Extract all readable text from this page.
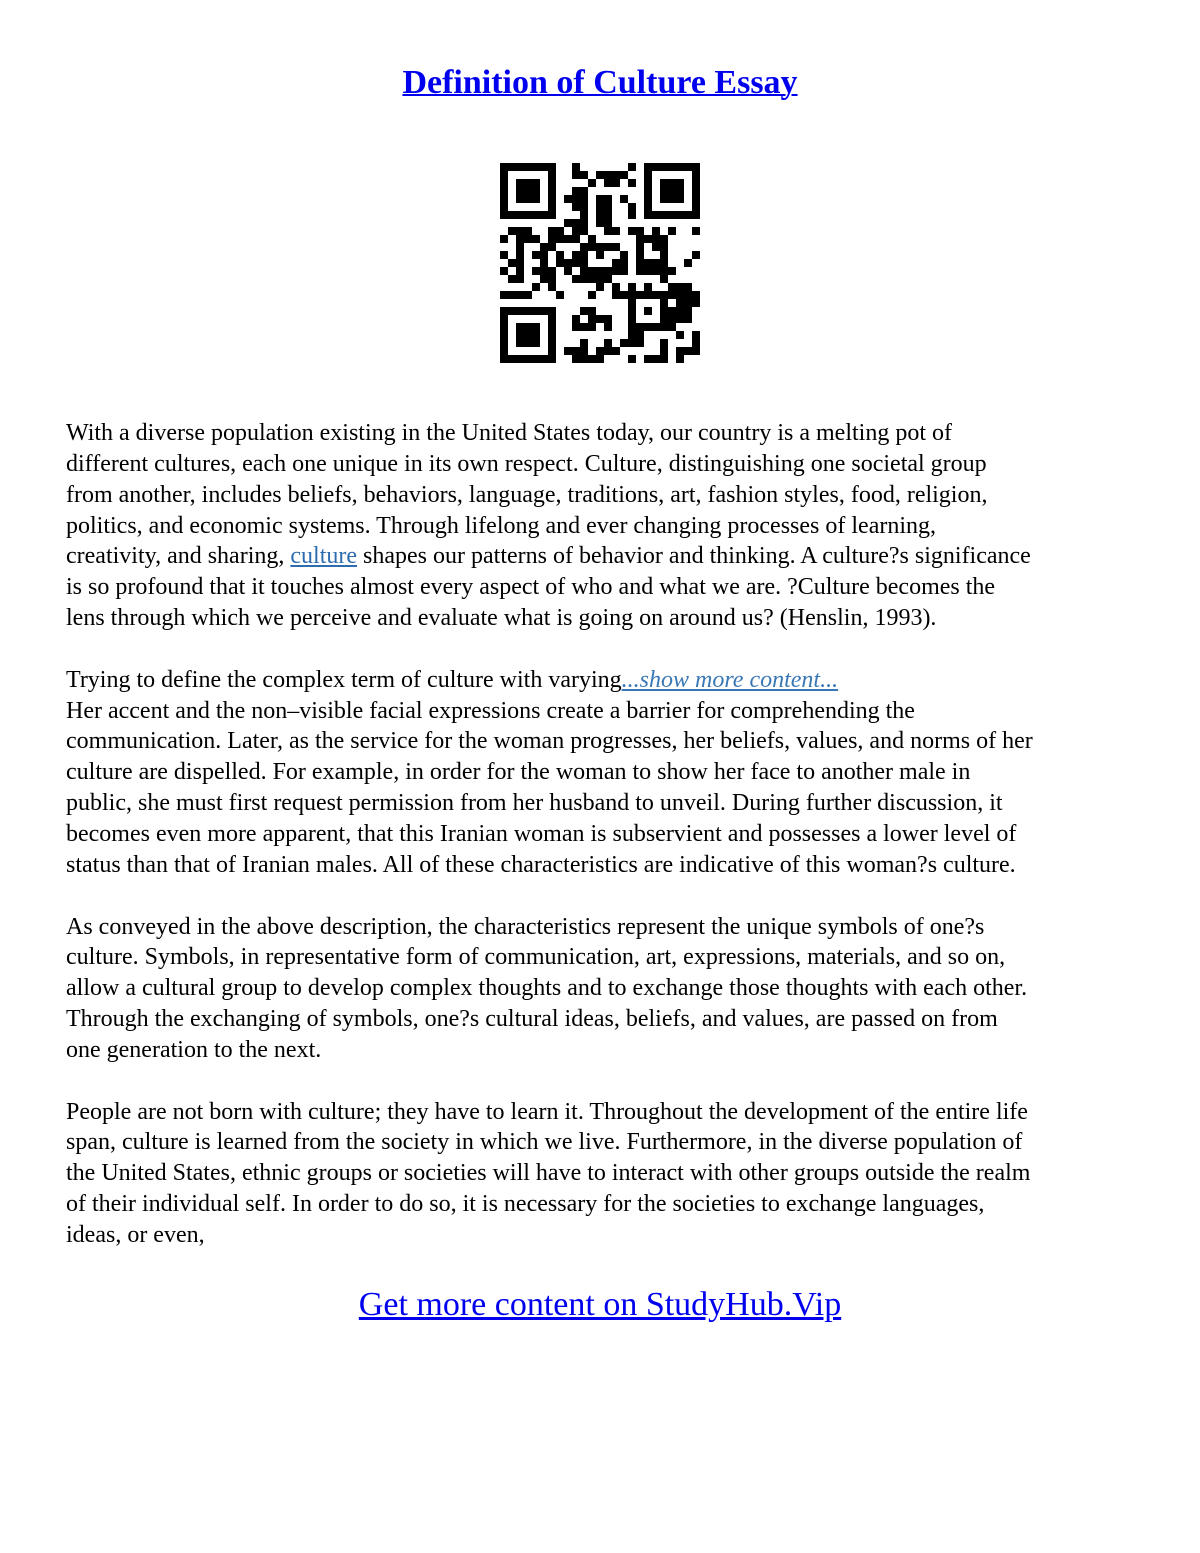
Definition of Culture Essay
With a diverse population existing in the United States today, our country is a melting pot of
different cultures, each one unique in its own respect. Culture, distinguishing one societal group
from another, includes beliefs, behaviors, language, traditions, art, fashion styles, food, religion,
politics, and economic systems. Through lifelong and ever changing processes of learning,
creativity, and sharing, culture shapes our patterns of behavior and thinking. A culture?s significance
is so profound that it touches almost every aspect of who and what we are. ?Culture becomes the
lens through which we perceive and evaluate what is going on around us? (Henslin, 1993).
Trying to define the complex term of culture with varying...show more content...
Her accent and the non–visible facial expressions create a barrier for comprehending the
communication. Later, as the service for the woman progresses, her beliefs, values, and norms of her
culture are dispelled. For example, in order for the woman to show her face to another male in
public, she must first request permission from her husband to unveil. During further discussion, it
becomes even more apparent, that this Iranian woman is subservient and possesses a lower level of
status than that of Iranian males. All of these characteristics are indicative of this woman?s culture.
As conveyed in the above description, the characteristics represent the unique symbols of one?s
culture. Symbols, in representative form of communication, art, expressions, materials, and so on,
allow a cultural group to develop complex thoughts and to exchange those thoughts with each other.
Through the exchanging of symbols, one?s cultural ideas, beliefs, and values, are passed on from
one generation to the next.
People are not born with culture; they have to learn it. Throughout the development of the entire life
span, culture is learned from the society in which we live. Furthermore, in the diverse population of
the United States, ethnic groups or societies will have to interact with other groups outside the realm
of their individual self. In order to do so, it is necessary for the societies to exchange languages,
ideas, or even,
Get more content on StudyHub.Vip
